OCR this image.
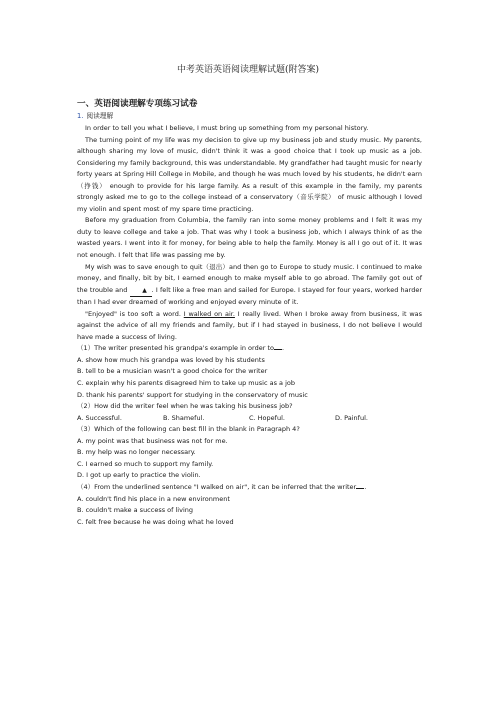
中考英语英语阅读理解试题(附答案)
一、英语阅读理解专项练习试卷
1. 阅读理解

In order to tell you what I believe, I must bring up something from my personal history.

The turning point of my life was my decision to give up my business job and study music. My parents, although sharing my love of music, didn't think it was a good choice that I took up music as a job. Considering my family background, this was understandable. My grandfather had taught music for nearly forty years at Spring Hill College in Mobile, and though he was much loved by his students, he didn't earn（挣钱） enough to provide for his large family. As a result of this example in the family, my parents strongly asked me to go to the college instead of a conservatory（音乐学院） of music although I loved my violin and spent most of my spare time practicing.

Before my graduation from Columbia, the family ran into some money problems and I felt it was my duty to leave college and take a job. That was why I took a business job, which I always think of as the wasted years. I went into it for money, for being able to help the family. Money is all I go out of it. It was not enough. I felt that life was passing me by.

My wish was to save enough to quit（退出）and then go to Europe to study music. I continued to make money, and finally, bit by bit, I earned enough to make myself able to go abroad. The family got out of the trouble and ▲ . I felt like a free man and sailed for Europe. I stayed for four years, worked harder than I had ever dreamed of working and enjoyed every minute of it.

"Enjoyed" is too soft a word. I walked on air. I really lived. When I broke away from business, it was against the advice of all my friends and family, but if I had stayed in business, I do not believe I would have made a success of living.

（1）The writer presented his grandpa's example in order to .

A. show how much his grandpa was loved by his students

B. tell to be a musician wasn't a good choice for the writer

C. explain why his parents disagreed him to take up music as a job

D. thank his parents' support for studying in the conservatory of music

（2）How did the writer feel when he was taking his business job?

A. Successful.	B. Shameful.	C. Hopeful.	D. Painful.

（3）Which of the following can best fill in the blank in Paragraph 4?

A. my point was that business was not for me.

B. my help was no longer necessary.

C. I earned so much to support my family.

D. I got up early to practice the violin.

（4）From the underlined sentence "I walked on air", it can be inferred that the writer .

A. couldn't find his place in a new environment

B. couldn't make a success of living

C. felt free because he was doing what he loved
